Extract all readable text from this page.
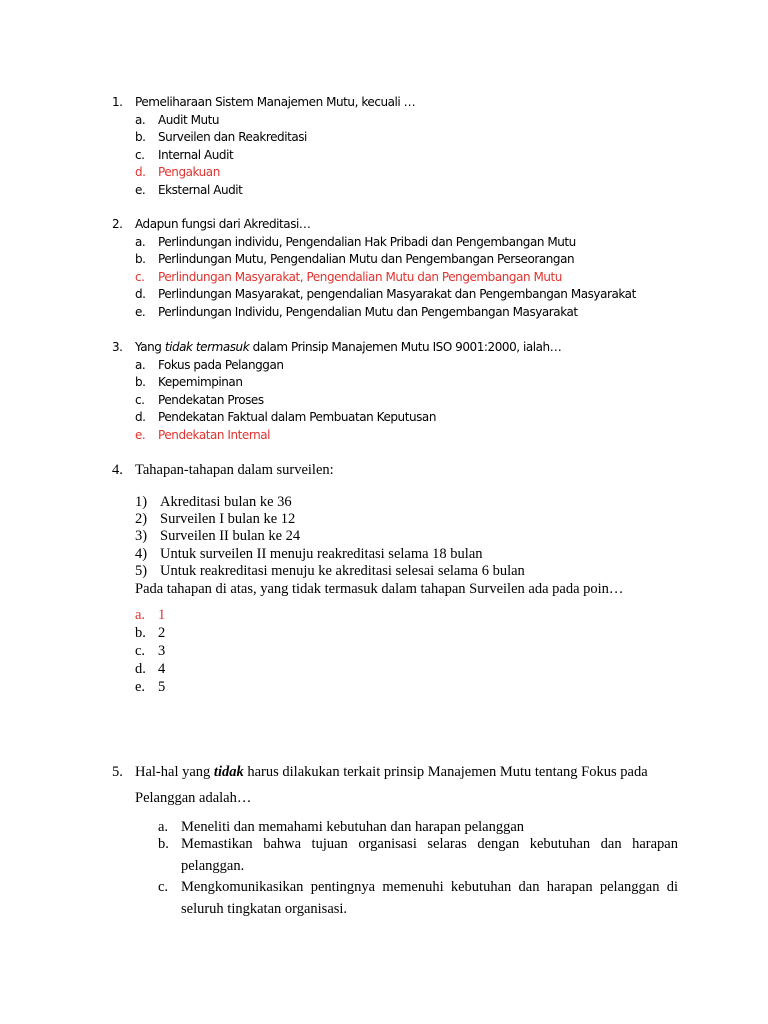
1. Pemeliharaan Sistem Manajemen Mutu, kecuali …
a. Audit Mutu
b. Surveilen dan Reakreditasi
c. Internal Audit
d. Pengakuan
e. Eksternal Audit
2. Adapun fungsi dari Akreditasi…
a. Perlindungan individu, Pengendalian Hak Pribadi dan Pengembangan Mutu
b. Perlindungan Mutu, Pengendalian Mutu dan Pengembangan Perseorangan
c. Perlindungan Masyarakat, Pengendalian Mutu dan Pengembangan Mutu
d. Perlindungan Masyarakat, pengendalian Masyarakat dan Pengembangan Masyarakat
e. Perlindungan Individu, Pengendalian Mutu dan Pengembangan Masyarakat
3. Yang tidak termasuk dalam Prinsip Manajemen Mutu ISO 9001:2000, ialah…
a. Fokus pada Pelanggan
b. Kepemimpinan
c. Pendekatan Proses
d. Pendekatan Faktual dalam Pembuatan Keputusan
e. Pendekatan Internal
4. Tahapan-tahapan dalam surveilen:
1) Akreditasi bulan ke 36
2) Surveilen I bulan ke 12
3) Surveilen II bulan ke 24
4) Untuk surveilen II menuju reakreditasi selama 18 bulan
5) Untuk reakreditasi menuju ke akreditasi selesai selama 6 bulan
Pada tahapan di atas, yang tidak termasuk dalam tahapan Surveilen ada pada poin…
a. 1
b. 2
c. 3
d. 4
e. 5
5. Hal-hal yang tidak harus dilakukan terkait prinsip Manajemen Mutu tentang Fokus pada
Pelanggan adalah…
a. Meneliti dan memahami kebutuhan dan harapan pelanggan
b. Memastikan bahwa tujuan organisasi selaras dengan kebutuhan dan harapan
pelanggan.
c. Mengkomunikasikan pentingnya memenuhi kebutuhan dan harapan pelanggan di
seluruh tingkatan organisasi.
